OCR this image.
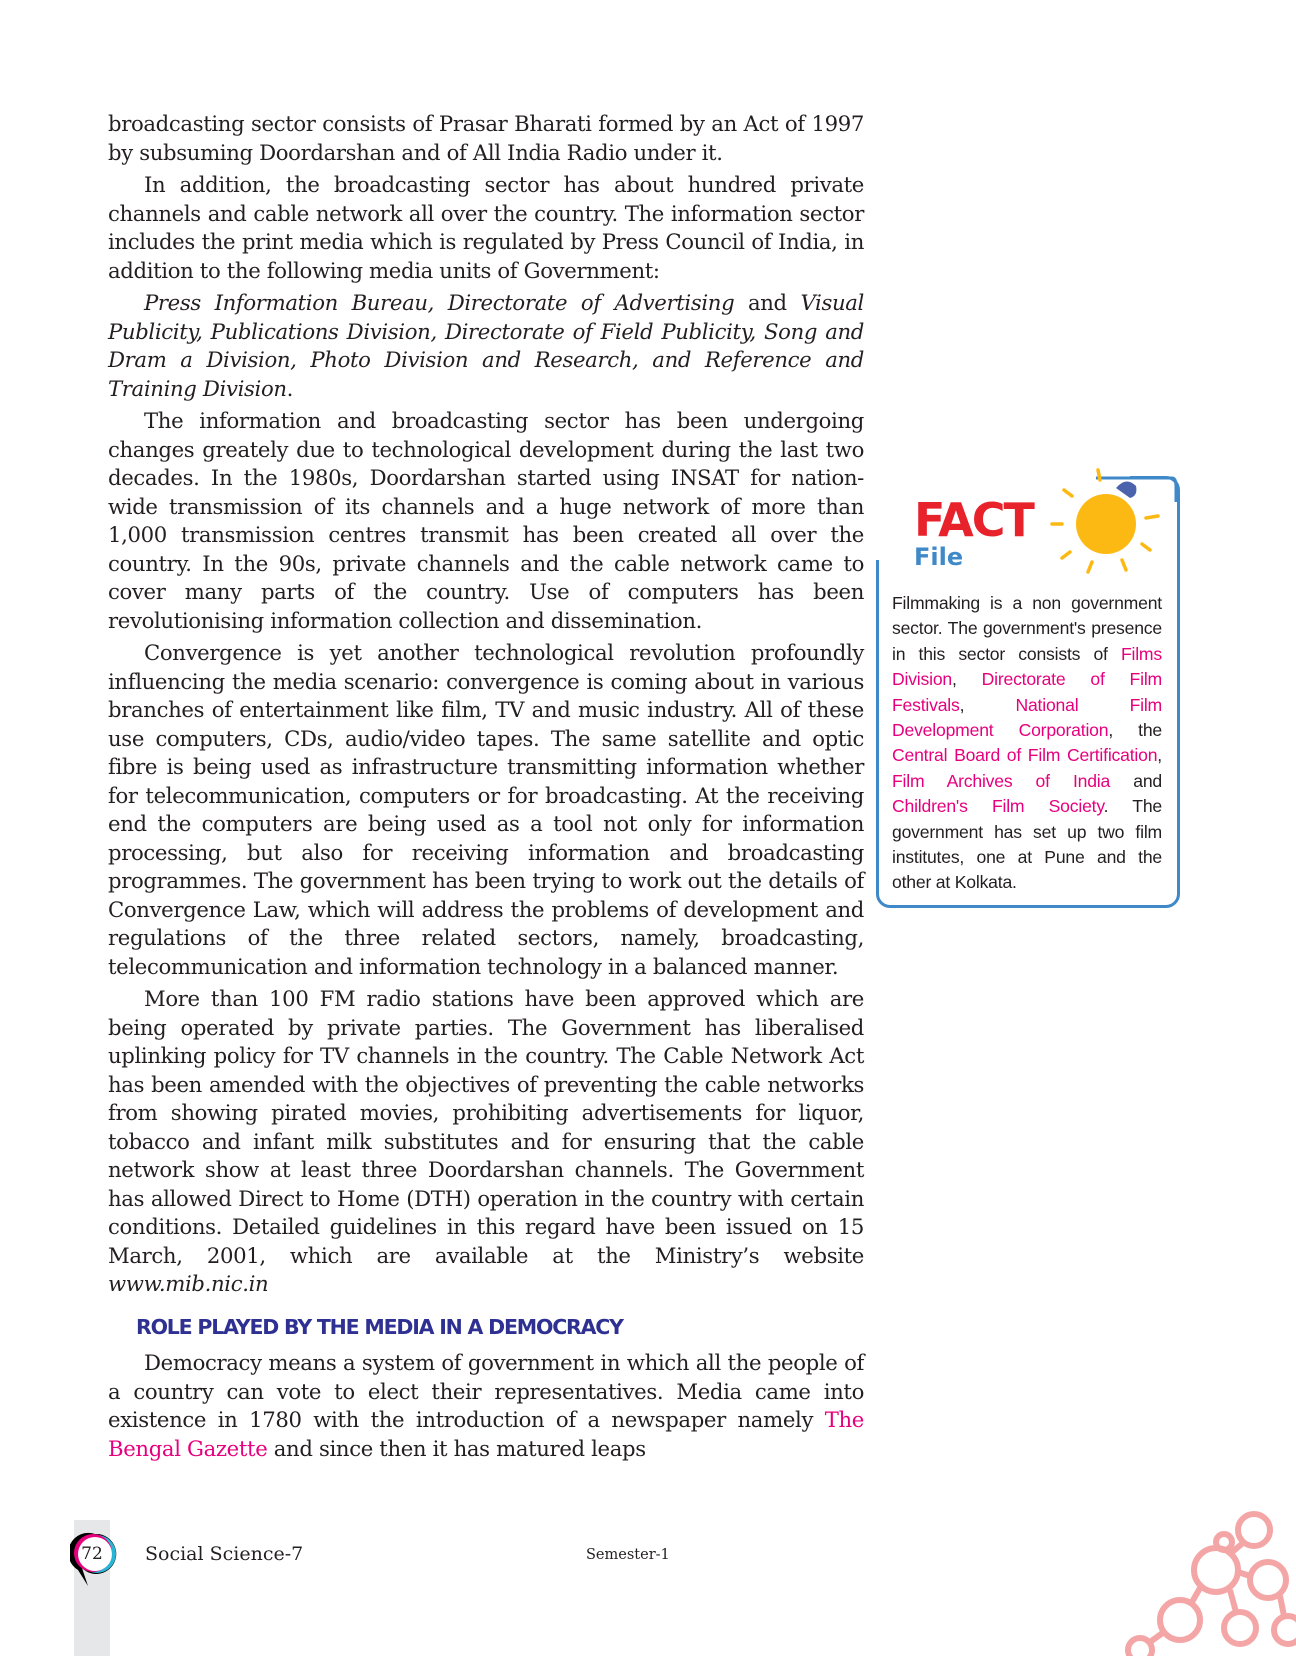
broadcasting sector consists of Prasar Bharati formed by an Act of 1997 by subsuming Doordarshan and of All India Radio under it.

In addition, the broadcasting sector has about hundred private channels and cable network all over the country. The information sector includes the print media which is regulated by Press Council of India, in addition to the following media units of Government:

Press Information Bureau, Directorate of Advertising and Visual Publicity, Publications Division, Directorate of Field Publicity, Song and Dram a Division, Photo Division and Research, and Reference and Training Division.

The information and broadcasting sector has been undergoing changes greately due to technological development during the last two decades. In the 1980s, Doordarshan started using INSAT for nation-wide transmission of its channels and a huge network of more than 1,000 transmission centres transmit has been created all over the country. In the 90s, private channels and the cable network came to cover many parts of the country. Use of computers has been revolutionising information collection and dissemination.

Convergence is yet another technological revolution profoundly influencing the media scenario: convergence is coming about in various branches of entertainment like film, TV and music industry. All of these use computers, CDs, audio/video tapes. The same satellite and optic fibre is being used as infrastructure transmitting information whether for telecommunication, computers or for broadcasting. At the receiving end the computers are being used as a tool not only for information processing, but also for receiving information and broadcasting programmes. The government has been trying to work out the details of Convergence Law, which will address the problems of development and regulations of the three related sectors, namely, broadcasting, telecommunication and information technology in a balanced manner.

More than 100 FM radio stations have been approved which are being operated by private parties. The Government has liberalised uplinking policy for TV channels in the country. The Cable Network Act has been amended with the objectives of preventing the cable networks from showing pirated movies, prohibiting advertisements for liquor, tobacco and infant milk substitutes and for ensuring that the cable network show at least three Doordarshan channels. The Government has allowed Direct to Home (DTH) operation in the country with certain conditions. Detailed guidelines in this regard have been issued on 15 March, 2001, which are available at the Ministry’s website www.mib.nic.in

ROLE PLAYED BY THE MEDIA IN A DEMOCRACY

Democracy means a system of government in which all the people of a country can vote to elect their representatives. Media came into existence in 1780 with the introduction of a newspaper namely The Bengal Gazette and since then it has matured leaps

FACT
File
Filmmaking is a non government sector. The government's presence in this sector consists of Films Division, Directorate of Film Festivals, National Film Development Corporation, the Central Board of Film Certification, Film Archives of India and Children's Film Society. The government has set up two film institutes, one at Pune and the other at Kolkata.
72	Social Science-7	Semester-1
